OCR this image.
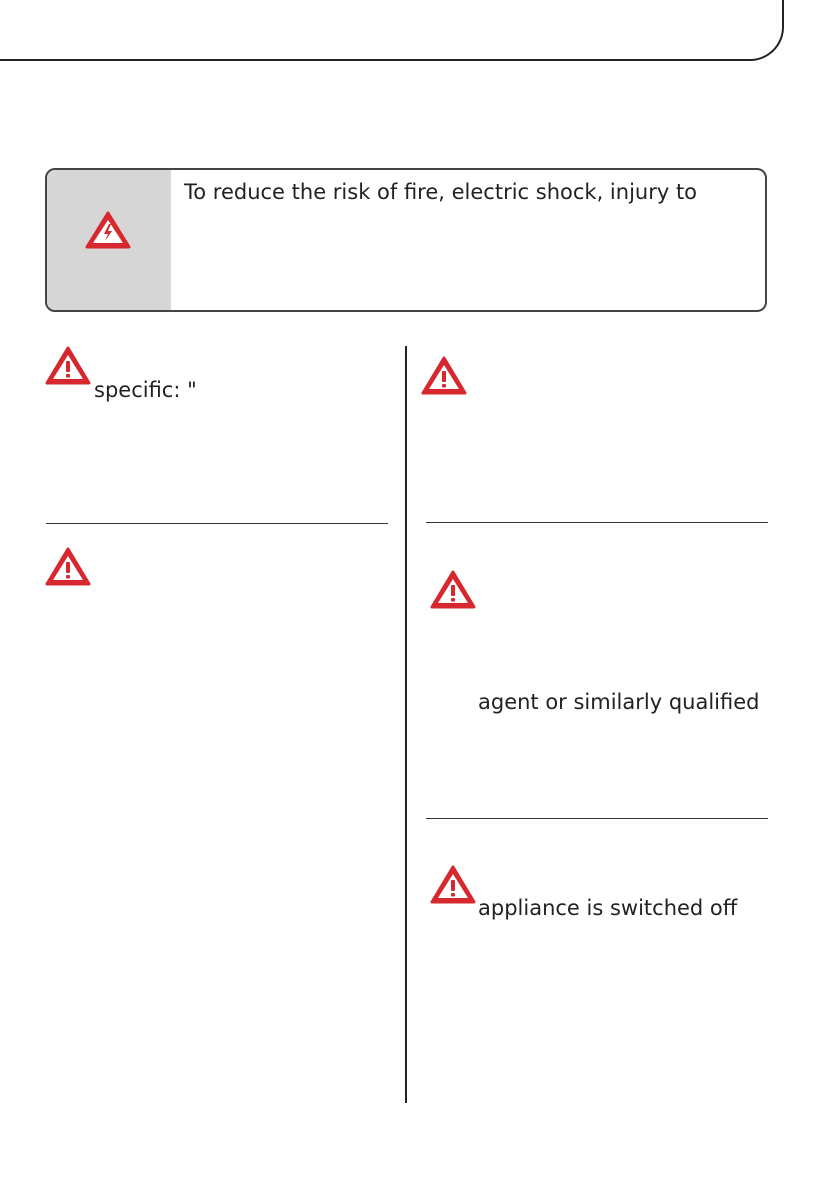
To reduce the risk of fire, electric shock, injury to
specific: "
agent or similarly qualified
appliance is switched off
